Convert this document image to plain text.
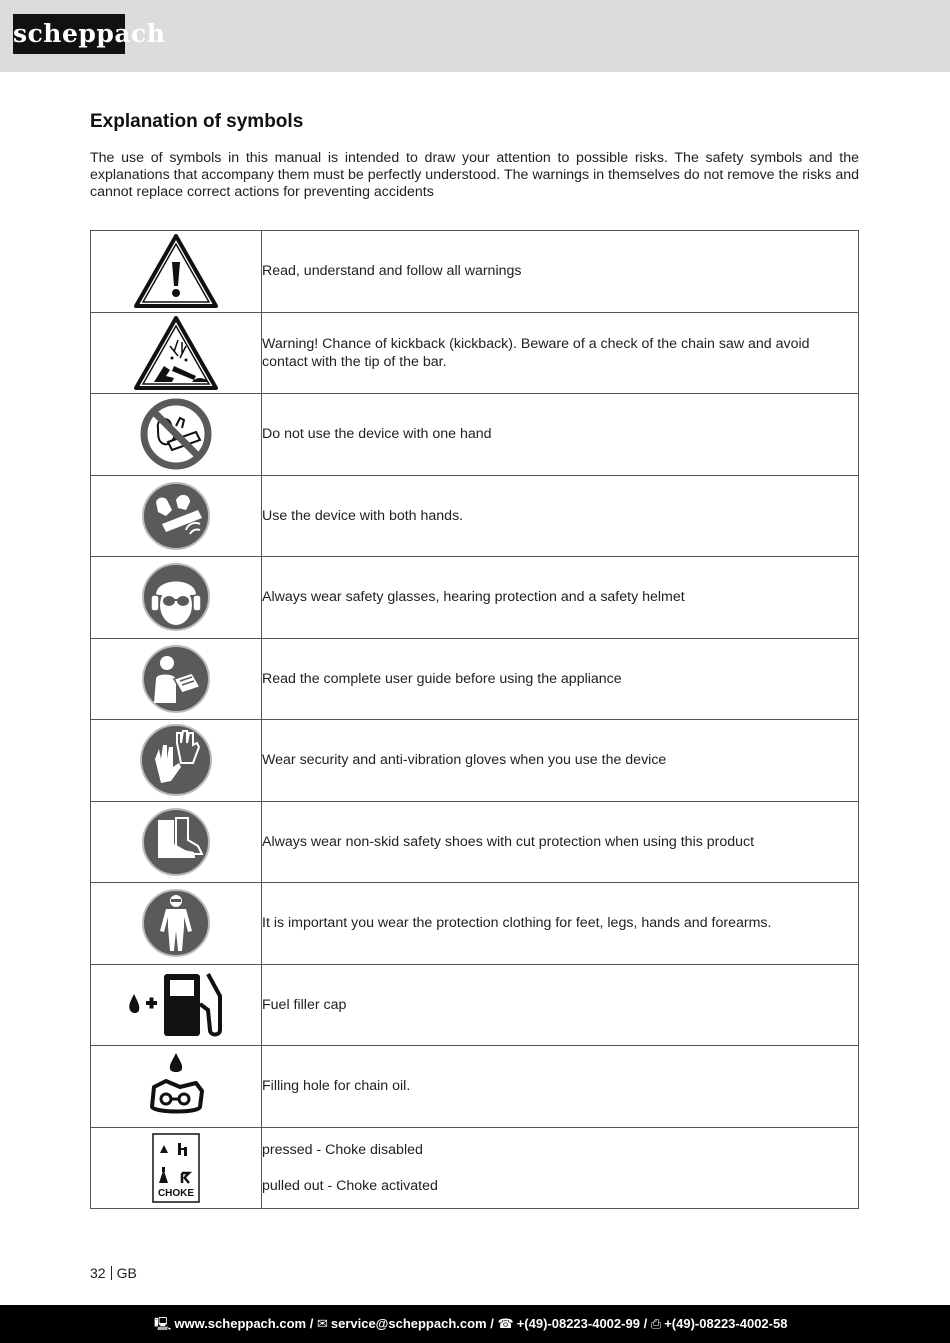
scheppach
Explanation of symbols

The use of symbols in this manual is intended to draw your attention to possible risks. The safety symbols and the explanations that accompany them must be perfectly understood. The warnings in themselves do not remove the risks and cannot replace correct actions for preventing accidents

	Read, understand and follow all warnings

	Warning! Chance of kickback (kickback). Beware of a check of the chain saw and avoid contact with the tip of the bar.

	Do not use the device with one hand

	Use the device with both hands.

	Always wear safety glasses, hearing protection and a safety helmet

	Read the complete user guide before using the appliance

	Wear security and anti-vibration gloves when you use the device

	Always wear non-skid safety shoes with cut protection when using this product

	It is important you wear the protection clothing for feet, legs, hands and forearms.

	Fuel filler cap

	Filling hole for chain oil.

CHOKE	pressed - Choke disabled
pulled out - Choke activated
32 GB
🖳 www.scheppach.com / ✉ service@scheppach.com / ☎ +(49)-08223-4002-99 / ⎙ +(49)-08223-4002-58
